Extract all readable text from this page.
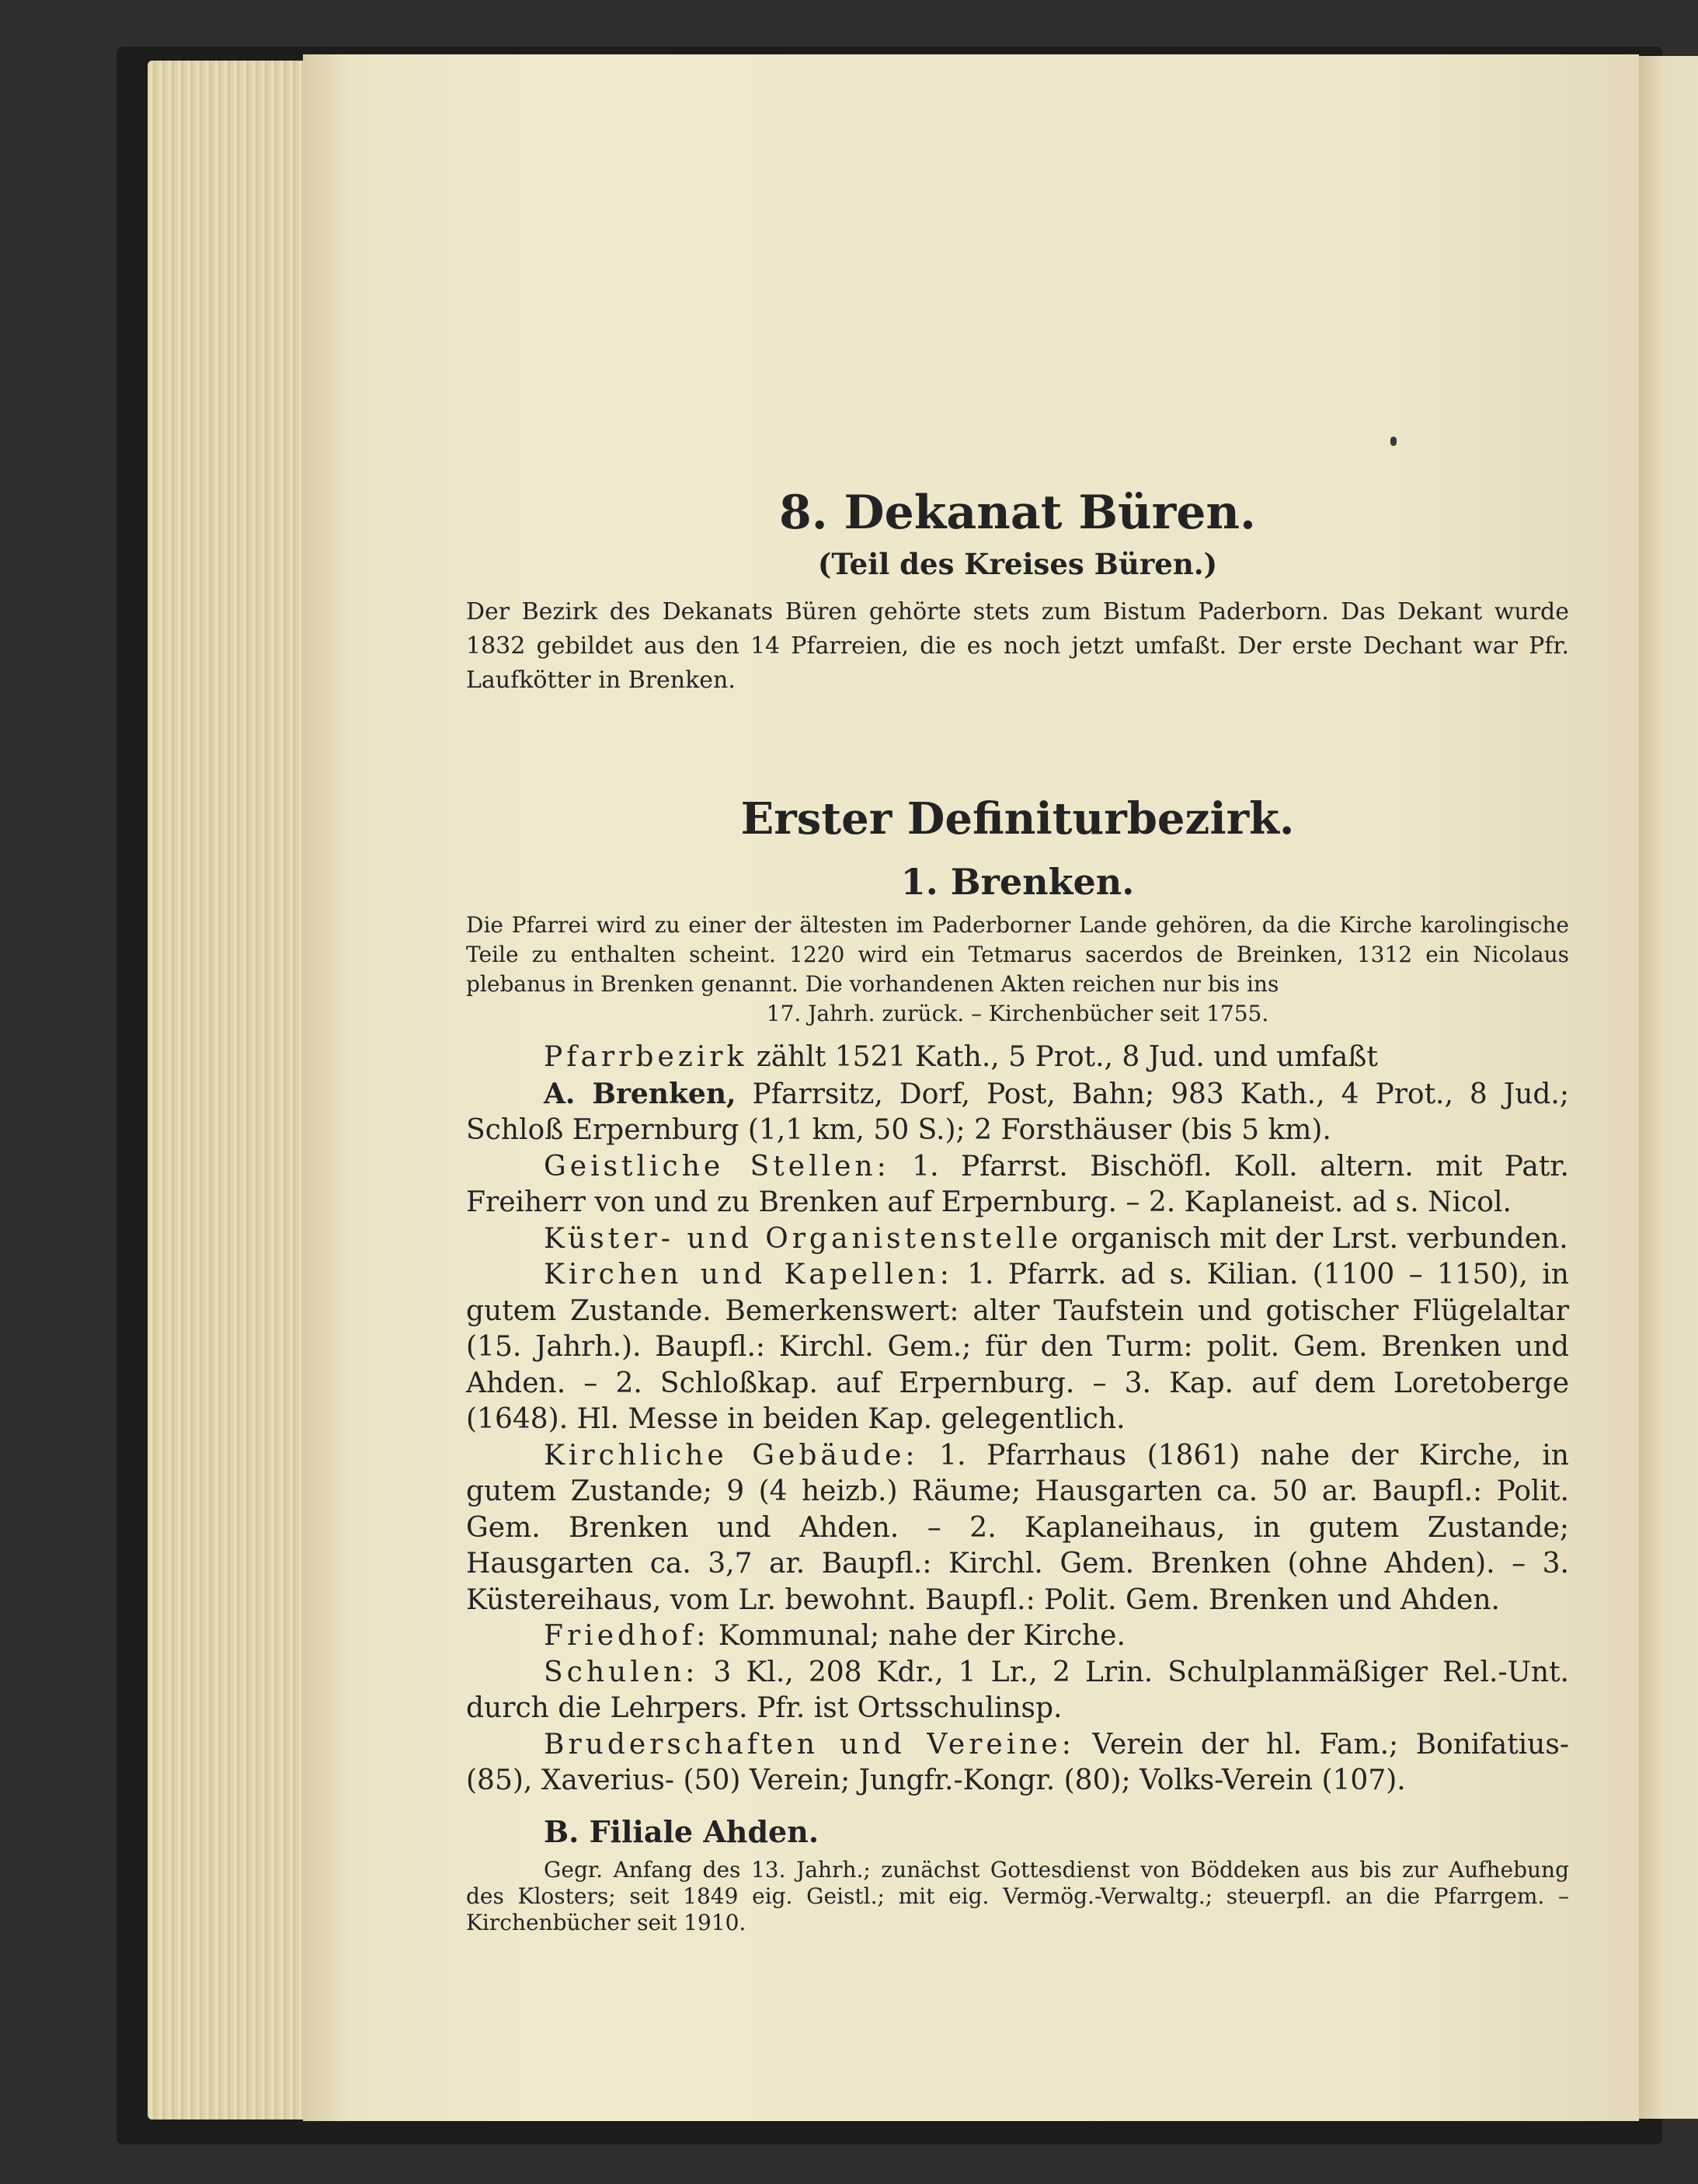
8. Dekanat Büren.
(Teil des Kreises Büren.)

Der Bezirk des Dekanats Büren gehörte stets zum Bistum Paderborn. Das Dekant wurde 1832 gebildet aus den 14 Pfarreien, die es noch jetzt umfaßt. Der erste Dechant war Pfr. Laufkötter in Brenken.

Erster Definiturbezirk.
1. Brenken.

Die Pfarrei wird zu einer der ältesten im Paderborner Lande gehören, da die Kirche karolingische Teile zu enthalten scheint. 1220 wird ein Tetmarus sacerdos de Breinken, 1312 ein Nicolaus plebanus in Brenken genannt. Die vorhandenen Akten reichen nur bis ins
17. Jahrh. zurück. – Kirchenbücher seit 1755.

Pfarrbezirk zählt 1521 Kath., 5 Prot., 8 Jud. und umfaßt

A. Brenken, Pfarrsitz, Dorf, Post, Bahn; 983 Kath., 4 Prot., 8 Jud.; Schloß Erpernburg (1,1 km, 50 S.); 2 Forsthäuser (bis 5 km).

Geistliche Stellen: 1. Pfarrst. Bischöfl. Koll. altern. mit Patr. Freiherr von und zu Brenken auf Erpernburg. – 2. Kaplaneist. ad s. Nicol.

Küster- und Organistenstelle organisch mit der Lrst. verbunden.

Kirchen und Kapellen: 1. Pfarrk. ad s. Kilian. (1100 – 1150), in gutem Zustande. Bemerkenswert: alter Taufstein und gotischer Flügelaltar (15. Jahrh.). Baupfl.: Kirchl. Gem.; für den Turm: polit. Gem. Brenken und Ahden. – 2. Schloßkap. auf Erpernburg. – 3. Kap. auf dem Loretoberge (1648). Hl. Messe in beiden Kap. gelegentlich.

Kirchliche Gebäude: 1. Pfarrhaus (1861) nahe der Kirche, in gutem Zustande; 9 (4 heizb.) Räume; Hausgarten ca. 50 ar. Baupfl.: Polit. Gem. Brenken und Ahden. – 2. Kaplaneihaus, in gutem Zustande; Hausgarten ca. 3,7 ar. Baupfl.: Kirchl. Gem. Brenken (ohne Ahden). – 3. Küstereihaus, vom Lr. bewohnt. Baupfl.: Polit. Gem. Brenken und Ahden.

Friedhof: Kommunal; nahe der Kirche.

Schulen: 3 Kl., 208 Kdr., 1 Lr., 2 Lrin. Schulplanmäßiger Rel.-Unt. durch die Lehrpers. Pfr. ist Ortsschulinsp.

Bruderschaften und Vereine: Verein der hl. Fam.; Bonifatius- (85), Xaverius- (50) Verein; Jungfr.-Kongr. (80); Volks-Verein (107).

B. Filiale Ahden.

Gegr. Anfang des 13. Jahrh.; zunächst Gottesdienst von Böddeken aus bis zur Aufhebung des Klosters; seit 1849 eig. Geistl.; mit eig. Vermög.-Verwaltg.; steuerpfl. an die Pfarrgem. – Kirchenbücher seit 1910.
